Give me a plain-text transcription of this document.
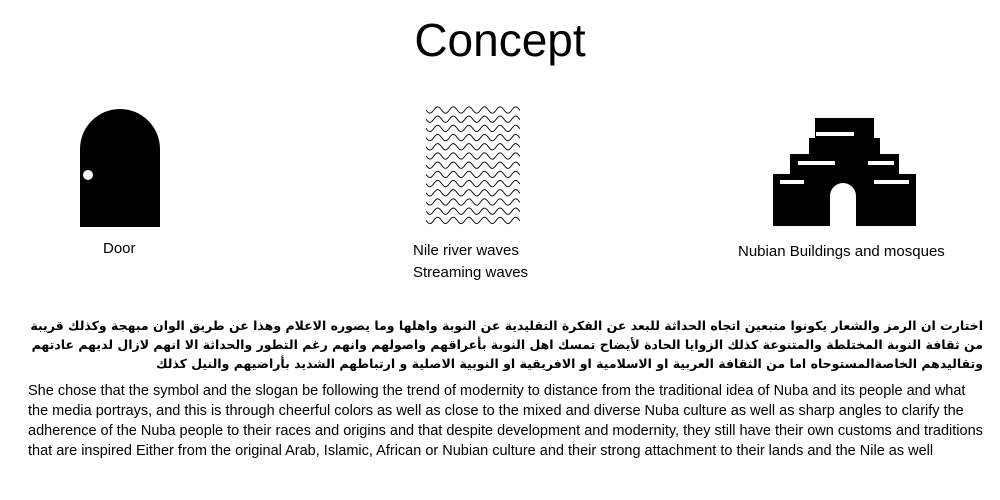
Concept
Door	Nile river waves
Streaming waves
Nubian Buildings and mosques
اختارت ان الرمز والشعار يكونوا متبعين اتجاه الحداثة للبعد عن الفكرة التقليدية عن النوبة واهلها وما يصوره الاعلام وهذا عن طريق الوان مبهجة وكذلك قريبة من ثقافة النوبة المختلطة والمتنوعة كذلك الزوايا الحادة لأيضاح تمسك اهل النوبة بأعراقهم واصولهم وانهم رغم التطور والحداثة الا انهم لازال لديهم عادتهم وتقاليدهم الخاصةالمستوحاه اما من الثقافة العربية او الاسلامية او الافريقية او النوبية الاصلية و ارتباطهم الشديد بأراضيهم والنيل كذلك
She chose that the symbol and the slogan be following the trend of modernity to distance from the traditional idea of Nuba and its people and what the media portrays, and this is through cheerful colors as well as close to the mixed and diverse Nuba culture as well as sharp angles to clarify the adherence of the Nuba people to their races and origins and that despite development and modernity, they still have their own customs and traditions that are inspired Either from the original Arab, Islamic, African or Nubian culture and their strong attachment to their lands and the Nile as well
